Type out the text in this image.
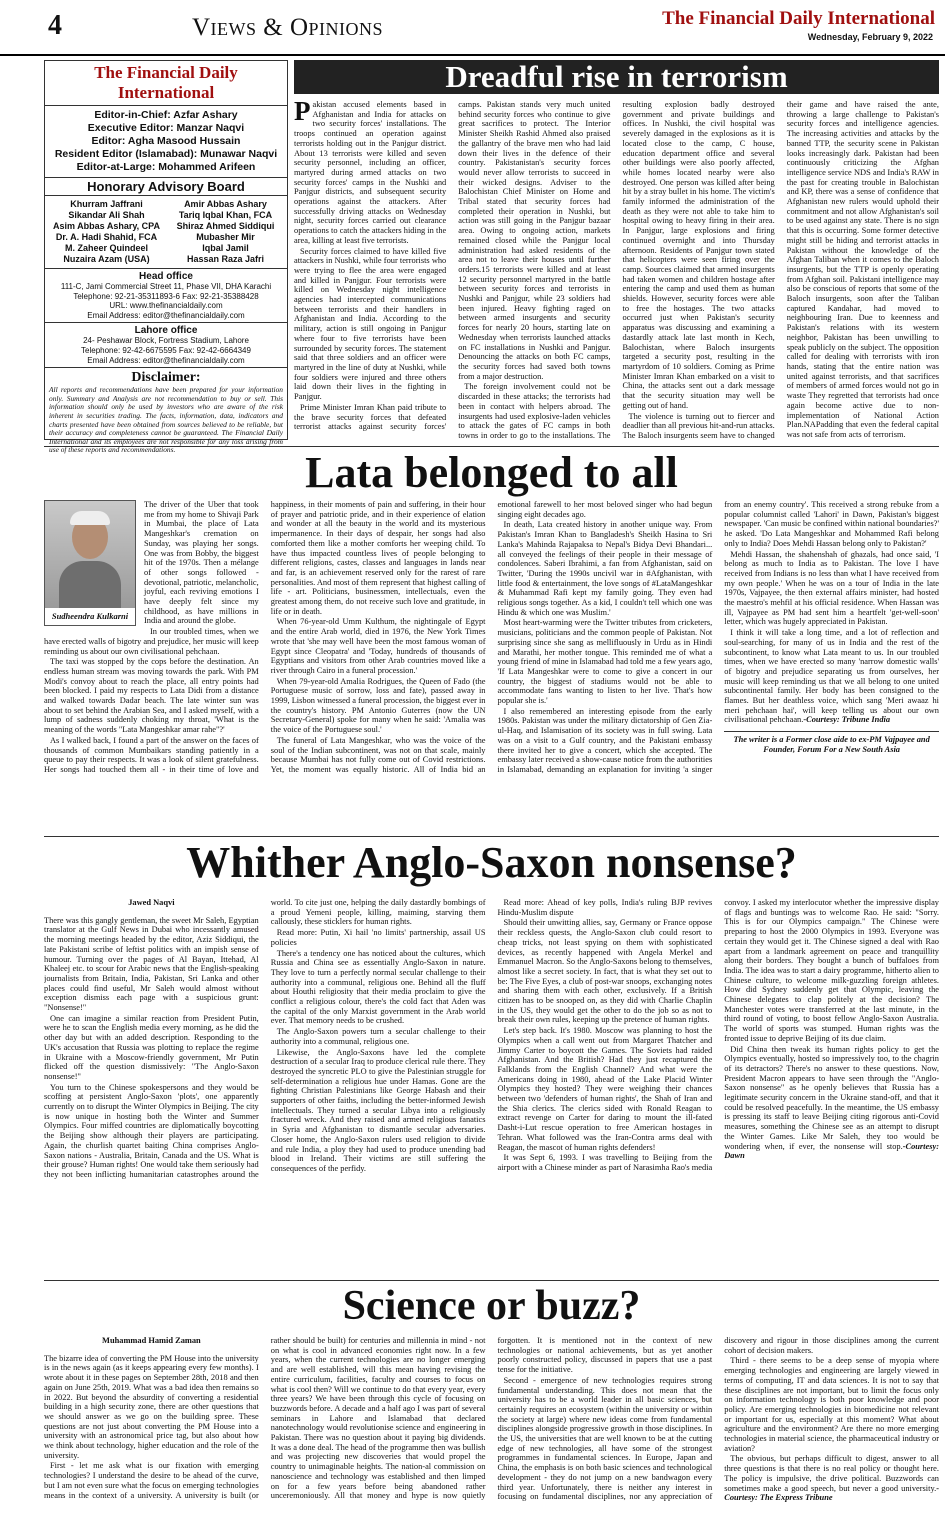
4	Views & Opinions	The Financial Daily International
Wednesday, February 9, 2022
The Financial Daily International
Editor-in-Chief: Azfar Ashary
Executive Editor: Manzar Naqvi
Editor: Agha Masood Hussain
Resident Editor (Islamabad): Munawar Naqvi
Editor-at-Large: Mohammed Arifeen
Honorary Advisory Board
Khurram Jaffrani
Sikandar Ali Shah
Asim Abbas Ashary, CPA
Dr. A. Hadi Shahid, FCA
M. Zaheer Quindeel
Nuzaira Azam (USA)
Amir Abbas Ashary
Tariq Iqbal Khan, FCA
Shiraz Ahmed Siddiqui
Mubasher Mir
Iqbal Jamil
Hassan Raza Jafri
Head office
111-C, Jami Commercial Street 11, Phase VII, DHA Karachi
Telephone: 92-21-35311893-6 Fax: 92-21-35388428
URL: www.thefinancialdaily.com
Email Address: editor@thefinancialdaily.com
Lahore office
24- Peshawar Block, Fortress Stadium, Lahore
Telephone: 92-42-6675595 Fax: 92-42-6664349
Email Address: editor@thefinancialdaily.com
Disclaimer:
All reports and recommendations have been prepared for your information only. Summary and Analysis are not recommendation to buy or sell. This information should only be used by investors who are aware of the risk inherent in securities trading. The facts, information, data, indicators and charts presented have been obtained from sources believed to be reliable, but their accuracy and completeness cannot be guaranteed. The Financial Daily International and its employees are not responsible for any loss arising from use of these reports and recommendations.
Dreadful rise in terrorism

Pakistan accused elements based in Afghanistan and India for attacks on two security forces' installations. The troops continued an operation against terrorists holding out in the Panjgur district. About 13 terrorists were killed and seven security personnel, including an officer, martyred during armed attacks on two security forces' camps in the Nushki and Panjgur districts, and subsequent security operations against the attackers. After successfully driving attacks on Wednesday night, security forces carried out clearance operations to catch the attackers hiding in the area, killing at least five terrorists.

Security forces claimed to have killed five attackers in Nushki, while four terrorists who were trying to flee the area were engaged and killed in Panjgur. Four terrorists were killed on Wednesday night intelligence agencies had intercepted communications between terrorists and their handlers in Afghanistan and India. According to the military, action is still ongoing in Panjgur where four to five terrorists have been surrounded by security forces. The statement said that three soldiers and an officer were martyred in the line of duty at Nushki, while four soldiers were injured and three others laid down their lives in the fighting in Panjgur.

Prime Minister Imran Khan paid tribute to the brave security forces that defeated terrorist attacks against security forces' camps. Pakistan stands very much united behind security forces who continue to give great sacrifices to protect. The Interior Minister Sheikh Rashid Ahmed also praised the gallantry of the brave men who had laid down their lives in the defence of their country. Pakistanistan's security forces would never allow terrorists to succeed in their wicked designs. Adviser to the Balochistan Chief Minister on Home and Tribal stated that security forces had completed their operation in Nushki, but action was still going in the Panjgur bazaar area. Owing to ongoing action, markets remained closed while the Panjgur local administration had asked residents of the area not to leave their houses until further orders.15 terrorists were killed and at least 12 security personnel martyred in the battle between security forces and terrorists in Nushki and Panjgur, while 23 soldiers had been injured. Heavy fighting raged on between armed insurgents and security forces for nearly 20 hours, starting late on Wednesday when terrorists launched attacks on FC installations in Nushki and Panjgur. Denouncing the attacks on both FC camps, the security forces had saved both towns from a major destruction.

The foreign involvement could not be discarded in these attacks; the terrorists had been in contact with helpers abroad. The insurgents had used explosive-laden vehicles to attack the gates of FC camps in both towns in order to go to the installations. The resulting explosion badly destroyed government and private buildings and offices. In Nushki, the civil hospital was severely damaged in the explosions as it is located close to the camp, C house, education department office and several other buildings were also poorly affected, while homes located nearby were also destroyed. One person was killed after being hit by a stray bullet in his home. The victim's family informed the administration of the death as they were not able to take him to hospital owing to heavy firing in their area. In Panjgur, large explosions and firing continued overnight and into Thursday afternoon. Residents of Panjgur town stated that helicopters were seen firing over the camp. Sources claimed that armed insurgents had taken women and children hostage after entering the camp and used them as human shields. However, security forces were able to free the hostages. The two attacks occurred just when Pakistan's security apparatus was discussing and examining a dastardly attack late last month in Kech, Balochistan, where Baloch insurgents targeted a security post, resulting in the martyrdom of 10 soldiers. Coming as Prime Minister Imran Khan embarked on a visit to China, the attacks sent out a dark message that the security situation may well be getting out of hand.

The violence is turning out to fiercer and deadlier than all previous hit-and-run attacks. The Baloch insurgents seem have to changed their game and have raised the ante, throwing a large challenge to Pakistan's security forces and intelligence agencies. The increasing activities and attacks by the banned TTP, the security scene in Pakistan looks increasingly dark. Pakistan had been continuously criticizing the Afghan intelligence service NDS and India's RAW in the past for creating trouble in Balochistan and KP, there was a sense of confidence that Afghanistan new rulers would uphold their commitment and not allow Afghanistan's soil to be used against any state. There is no sign that this is occurring. Some former detective might still be hiding and terrorist attacks in Pakistan without the knowledge of the Afghan Taliban when it comes to the Baloch insurgents, but the TTP is openly operating from Afghan soil. Pakistani intelligence may also be conscious of reports that some of the Baloch insurgents, soon after the Taliban captured Kandahar, had moved to neighbouring Iran. Due to keenness and Pakistan's relations with its western neighbor, Pakistan has been unwilling to speak publicly on the subject. The opposition called for dealing with terrorists with iron hands, stating that the entire nation was united against terrorists, and that sacrifices of members of armed forces would not go in waste They regretted that terrorists had once again become active due to non-implementation of National Action Plan.NAPadding that even the federal capital was not safe from acts of terrorism.

Lata belonged to all
Sudheendra Kulkarni

The driver of the Uber that took me from my home to Shivaji Park in Mumbai, the place of Lata Mangeshkar's cremation on Sunday, was playing her songs. One was from Bobby, the biggest hit of the 1970s. Then a mélange of other songs followed - devotional, patriotic, melancholic, joyful, each reviving emotions I have deeply felt since my childhood, as have millions in India and around the globe.

In our troubled times, when we have erected walls of bigotry and prejudice, her music will keep reminding us about our own civilisational pehchaan.

The taxi was stopped by the cops before the destination. An endless human stream was moving towards the park. With PM Modi's convoy about to reach the place, all entry points had been blocked. I paid my respects to Lata Didi from a distance and walked towards Dadar beach. The late winter sun was about to set behind the Arabian Sea, and I asked myself, with a lump of sadness suddenly choking my throat, 'What is the meaning of the words "Lata Mangeshkar amar rahe"?'

As I walked back, I found a part of the answer on the faces of thousands of common Mumbaikars standing patiently in a queue to pay their respects. It was a look of silent gratefulness. Her songs had touched them all - in their time of love and happiness, in their moments of pain and suffering, in their hour of prayer and patriotic pride, and in their experience of elation and wonder at all the beauty in the world and its mysterious impermanence. In their days of despair, her songs had also comforted them like a mother comforts her weeping child. To have thus impacted countless lives of people belonging to different religions, castes, classes and languages in lands near and far, is an achievement reserved only for the rarest of rare personalities. And most of them represent that highest calling of life - art. Politicians, businessmen, intellectuals, even the greatest among them, do not receive such love and gratitude, in life or in death.

When 76-year-old Umm Kulthum, the nightingale of Egypt and the entire Arab world, died in 1976, the New York Times wrote that 'she may well have been the most famous woman of Egypt since Cleopatra' and 'Today, hundreds of thousands of Egyptians and visitors from other Arab countries moved like a river through Cairo in a funeral procession.'

When 79-year-old Amalia Rodrigues, the Queen of Fado (the Portuguese music of sorrow, loss and fate), passed away in 1999, Lisbon witnessed a funeral procession, the biggest ever in the country's history. PM Antonio Guterres (now the UN Secretary-General) spoke for many when he said: 'Amalia was the voice of the Portuguese soul.'

The funeral of Lata Mangeshkar, who was the voice of the soul of the Indian subcontinent, was not on that scale, mainly because Mumbai has not fully come out of Covid restrictions. Yet, the moment was equally historic. All of India bid an emotional farewell to her most beloved singer who had begun singing eight decades ago.

In death, Lata created history in another unique way. From Pakistan's Imran Khan to Bangladesh's Sheikh Hasina to Sri Lanka's Mahinda Rajapaksa to Nepal's Bidya Devi Bhandari... all conveyed the feelings of their people in their message of condolences. Saberi Ibrahimi, a fan from Afghanistan, said on Twitter, 'During the 1990s uncivil war in #Afghanistan, with little food & entertainment, the love songs of #LataMangeshkar & Muhammad Rafi kept my family going. They even had religious songs together. As a kid, I couldn't tell which one was Hindu & which one was Muslim.'

Most heart-warming were the Twitter tributes from cricketers, musicians, politicians and the common people of Pakistan. Not surprising since she sang as mellifluously in Urdu as in Hindi and Marathi, her mother tongue. This reminded me of what a young friend of mine in Islamabad had told me a few years ago, 'If Lata Mangeshkar were to come to give a concert in our country, the biggest of stadiums would not be able to accommodate fans wanting to listen to her live. That's how popular she is.'

I also remembered an interesting episode from the early 1980s. Pakistan was under the military dictatorship of Gen Zia-ul-Haq, and Islamisation of its society was in full swing. Lata was on a visit to a Gulf country, and the Pakistani embassy there invited her to give a concert, which she accepted. The embassy later received a show-cause notice from the authorities in Islamabad, demanding an explanation for inviting 'a singer from an enemy country'. This received a strong rebuke from a popular columnist called 'Lahori' in Dawn, Pakistan's biggest newspaper. 'Can music be confined within national boundaries?' he asked. 'Do Lata Mangeshkar and Mohammed Rafi belong only to India? Does Mehdi Hassan belong only to Pakistan?'

Mehdi Hassan, the shahenshah of ghazals, had once said, 'I belong as much to India as to Pakistan. The love I have received from Indians is no less than what I have received from my own people.' When he was on a tour of India in the late 1970s, Vajpayee, the then external affairs minister, had hosted the maestro's mehfil at his official residence. When Hassan was ill, Vajpayee as PM had sent him a heartfelt 'get-well-soon' letter, which was hugely appreciated in Pakistan.

I think it will take a long time, and a lot of reflection and soul-searching, for many of us in India and the rest of the subcontinent, to know what Lata meant to us. In our troubled times, when we have erected so many 'narrow domestic walls' of bigotry and prejudice separating us from ourselves, her music will keep reminding us that we all belong to one united subcontinental family. Her body has been consigned to the flames. But her deathless voice, which sang 'Meri awaaz hi meri pehchaan hai', will keep telling us about our own civilisational pehchaan.-Courtesy: Tribune India

The writer is a Former close aide to ex-PM Vajpayee and Founder, Forum For a New South Asia
Whither Anglo-Saxon nonsense?
Jawed Naqvi

There was this gangly gentleman, the sweet Mr Saleh, Egyptian translator at the Gulf News in Dubai who incessantly amused the morning meetings headed by the editor, Aziz Siddiqui, the late Pakistani scribe of leftist politics with an impish sense of humour. Turning over the pages of Al Bayan, Ittehad, Al Khaleej etc. to scour for Arabic news that the English-speaking journalists from Britain, India, Pakistan, Sri Lanka and other places could find useful, Mr Saleh would almost without exception dismiss each page with a suspicious grunt: "Nonsense!"

One can imagine a similar reaction from President Putin, were he to scan the English media every morning, as he did the other day but with an added description. Responding to the UK's accusation that Russia was plotting to replace the regime in Ukraine with a Moscow-friendly government, Mr Putin flicked off the question dismissively: "The Anglo-Saxon nonsense!"

You turn to the Chinese spokespersons and they would be scoffing at persistent Anglo-Saxon 'plots', one apparently currently on to disrupt the Winter Olympics in Beijing. The city is now unique in hosting both the Winter and Summer Olympics. Four miffed countries are diplomatically boycotting the Beijing show although their players are participating. Again, the churlish quartet baiting China comprises Anglo-Saxon nations - Australia, Britain, Canada and the US. What is their grouse? Human rights! One would take them seriously had they not been inflicting humanitarian catastrophes around the world. To cite just one, helping the daily dastardly bombings of a proud Yemeni people, killing, maiming, starving them callously, these sticklers for human rights.

Read more: Putin, Xi hail 'no limits' partnership, assail US policies

There's a tendency one has noticed about the cultures, which Russia and China see as essentially Anglo-Saxon in nature. They love to turn a perfectly normal secular challenge to their authority into a communal, religious one. Behind all the fluff about Houthi religiosity that their media proclaim to give the conflict a religious colour, there's the cold fact that Aden was the capital of the only Marxist government in the Arab world ever. That memory needs to be crushed.

The Anglo-Saxon powers turn a secular challenge to their authority into a communal, religious one.

Likewise, the Anglo-Saxons have led the complete destruction of a secular Iraq to produce clerical rule there. They destroyed the syncretic PLO to give the Palestinian struggle for self-determination a religious hue under Hamas. Gone are the fighting Christian Palestinians like George Habash and their supporters of other faiths, including the better-informed Jewish intellectuals. They turned a secular Libya into a religiously fractured wreck. And they raised and armed religious fanatics in Syria and Afghanistan to dismantle secular adversaries. Closer home, the Anglo-Saxon rulers used religion to divide and rule India, a ploy they had used to produce unending bad blood in Ireland. Their victims are still suffering the consequences of the perfidy.

Read more: Ahead of key polls, India's ruling BJP revives Hindu-Muslim dispute

Should their unwitting allies, say, Germany or France oppose their reckless quests, the Anglo-Saxon club could resort to cheap tricks, not least spying on them with sophisticated devices, as recently happened with Angela Merkel and Emmanuel Macron. So the Anglo-Saxons belong to themselves, almost like a secret society. In fact, that is what they set out to be: The Five Eyes, a club of post-war snoops, exchanging notes and sharing them with each other, exclusively. If a British citizen has to be snooped on, as they did with Charlie Chaplin in the US, they would get the other to do the job so as not to break their own rules, keeping up the pretence of human rights.

Let's step back. It's 1980. Moscow was planning to host the Olympics when a call went out from Margaret Thatcher and Jimmy Carter to boycott the Games. The Soviets had raided Afghanistan. And the British? Had they just recaptured the Falklands from the English Channel? And what were the Americans doing in 1980, ahead of the Lake Placid Winter Olympics they hosted? They were weighing their chances between two 'defenders of human rights', the Shah of Iran and the Shia clerics. The clerics sided with Ronald Reagan to extract revenge on Carter for daring to mount the ill-fated Dasht-i-Lut rescue operation to free American hostages in Tehran. What followed was the Iran-Contra arms deal with Reagan, the mascot of human rights defenders!

It was Sept 6, 1993. I was travelling to Beijing from the airport with a Chinese minder as part of Narasimha Rao's media convoy. I asked my interlocutor whether the impressive display of flags and buntings was to welcome Rao. He said: "Sorry. This is for our Olympics campaign." The Chinese were preparing to host the 2000 Olympics in 1993. Everyone was certain they would get it. The Chinese signed a deal with Rao apart from a landmark agreement on peace and tranquillity along their borders. They bought a bunch of buffaloes from India. The idea was to start a dairy programme, hitherto alien to Chinese culture, to welcome milk-guzzling foreign athletes. How did Sydney suddenly get that Olympic, leaving the Chinese delegates to clap politely at the decision? The Manchester votes were transferred at the last minute, in the third round of voting, to boost fellow Anglo-Saxon Australia. The world of sports was stumped. Human rights was the fronted issue to deprive Beijing of its due claim.

Did China then tweak its human rights policy to get the Olympics eventually, hosted so impressively too, to the chagrin of its detractors? There's no answer to these questions. Now, President Macron appears to have seen through the "Anglo-Saxon nonsense" as he openly believes that Russia has a legitimate security concern in the Ukraine stand-off, and that it could be resolved peacefully. In the meantime, the US embassy is pressing its staff to leave Beijing citing rigorous anti-Covid measures, something the Chinese see as an attempt to disrupt the Winter Games. Like Mr Saleh, they too would be wondering when, if ever, the nonsense will stop.-Courtesy: Dawn

Science or buzz?
Muhammad Hamid Zaman

The bizarre idea of converting the PM House into the university is in the news again (as it keeps appearing every few months). I wrote about it in these pages on September 28th, 2018 and then again on June 25th, 2019. What was a bad idea then remains so in 2022. But beyond the absurdity of converting a residential building in a high security zone, there are other questions that we should answer as we go on the building spree. These questions are not just about converting the PM House into a university with an astronomical price tag, but also about how we think about technology, higher education and the role of the university.

First - let me ask what is our fixation with emerging technologies? I understand the desire to be ahead of the curve, but I am not even sure what the focus on emerging technologies means in the context of a university. A university is built (or rather should be built) for centuries and millennia in mind - not on what is cool in advanced economies right now. In a few years, when the current technologies are no longer emerging and are well established, will this mean having revising the entire curriculum, facilities, faculty and courses to focus on what is cool then? Will we continue to do that every year, every three years? We have been through this cycle of focusing on buzzwords before. A decade and a half ago I was part of several seminars in Lahore and Islamabad that declared nanotechnology would revolutionise science and engineering in Pakistan. There was no question about it paying big dividends. It was a done deal. The head of the programme then was bullish and was projecting new discoveries that would propel the country to unimaginable heights. The nation-al commission on nanoscience and technology was established and then limped on for a few years before being abandoned rather unceremoniously. All that money and hype is now quietly forgotten. It is mentioned not in the context of new technologies or national achievements, but as yet another poorly constructed policy, discussed in papers that use a past tense for the initiative.

Second - emergence of new technologies requires strong fundamental understanding. This does not mean that the university has to be a world leader in all basic sciences, but certainly requires an ecosystem (within the university or within the society at large) where new ideas come from fundamental disciplines alongside progressive growth in those disciplines. In the US, the universities that are well known to be at the cutting edge of new technologies, all have some of the strongest programmes in fundamental sciences. In Europe, Japan and China, the emphasis is on both basic sciences and technological development - they do not jump on a new bandwagon every third year. Unfortunately, there is neither any interest in focusing on fundamental disciplines, nor any appreciation of discovery and rigour in those disciplines among the current cohort of decision makers.

Third - there seems to be a deep sense of myopia where emerging technologies and engineering are largely viewed in terms of computing, IT and data sciences. It is not to say that these disciplines are not important, but to limit the focus only on information technology is both poor knowledge and poor policy. Are emerging technologies in biomedicine not relevant or important for us, especially at this moment? What about agriculture and the environment? Are there no more emerging technologies in material science, the pharmaceutical industry or aviation?

The obvious, but perhaps difficult to digest, answer to all three questions is that there is no real policy or thought here. The policy is impulsive, the drive political. Buzzwords can sometimes make a good speech, but never a good university.-Courtesy: The Express Tribune
